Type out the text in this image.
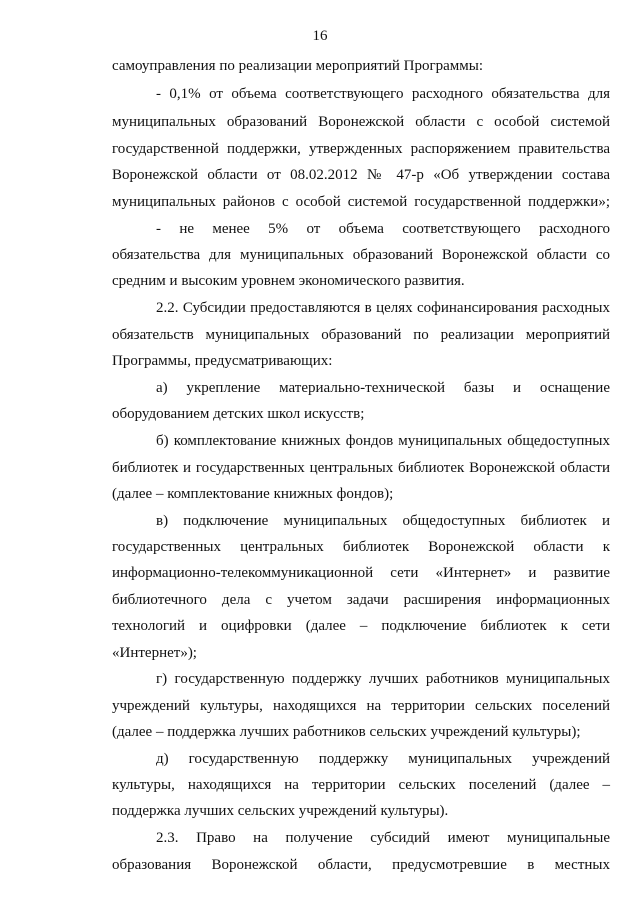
16
самоуправления по реализации мероприятий Программы:
- 0,1% от объема соответствующего расходного обязательства для
муниципальных образований Воронежской области с особой системой
государственной поддержки, утвержденных распоряжением правительства
Воронежской области от 08.02.2012 № 47-р «Об утверждении состава
муниципальных районов с особой системой государственной поддержки»;
- не менее 5% от объема соответствующего расходного
обязательства для муниципальных образований Воронежской области со
средним и высоким уровнем экономического развития.
2.2. Субсидии предоставляются в целях софинансирования расходных
обязательств муниципальных образований по реализации мероприятий
Программы, предусматривающих:
а) укрепление материально-технической базы и оснащение
оборудованием детских школ искусств;
б) комплектование книжных фондов муниципальных общедоступных
библиотек и государственных центральных библиотек Воронежской области
(далее – комплектование книжных фондов);
в) подключение муниципальных общедоступных библиотек и
государственных центральных библиотек Воронежской области к
информационно-телекоммуникационной сети «Интернет» и развитие
библиотечного дела с учетом задачи расширения информационных
технологий и оцифровки (далее – подключение библиотек к сети
«Интернет»);
г) государственную поддержку лучших работников муниципальных
учреждений культуры, находящихся на территории сельских поселений
(далее – поддержка лучших работников сельских учреждений культуры);
д) государственную поддержку муниципальных учреждений
культуры, находящихся на территории сельских поселений (далее –
поддержка лучших сельских учреждений культуры).
2.3. Право на получение субсидий имеют муниципальные
образования Воронежской области, предусмотревшие в местных
